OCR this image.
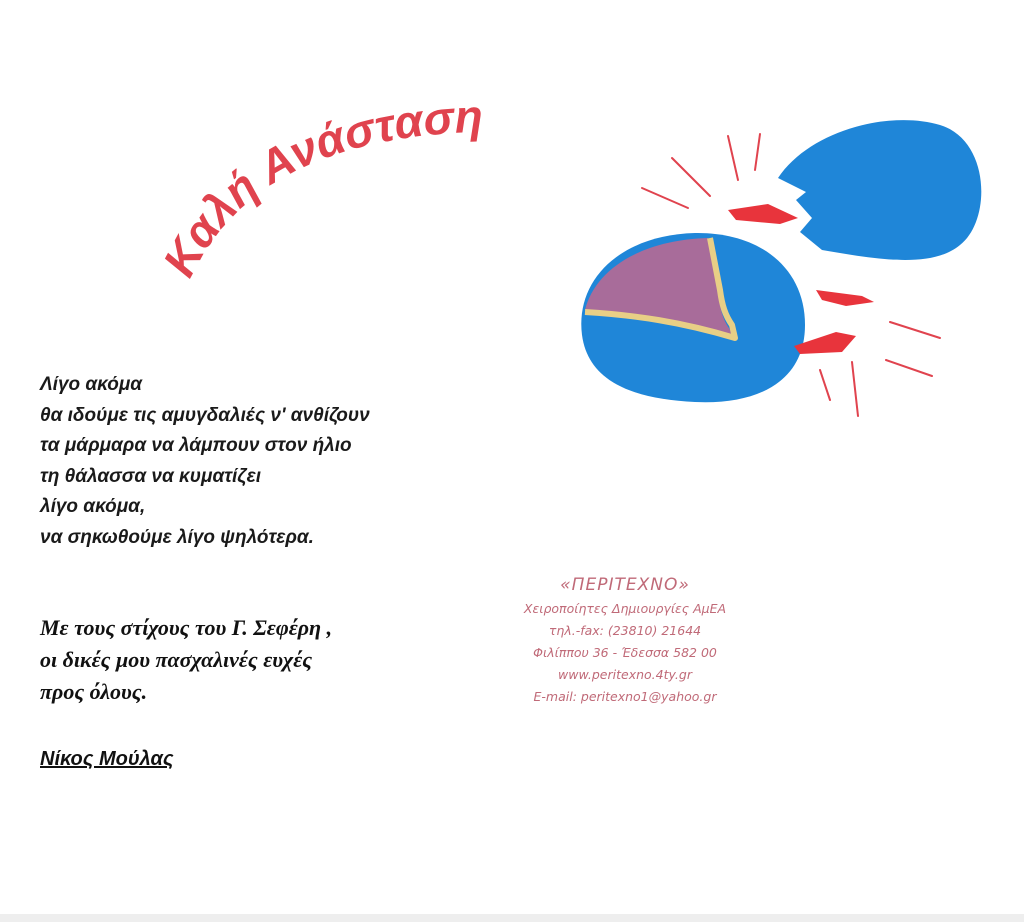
Καλή Ανάσταση
Λίγο ακόμα
θα ιδούμε τις αμυγδαλιές ν' ανθίζουν
τα μάρμαρα να λάμπουν στον ήλιο
τη θάλασσα να κυματίζει
λίγο ακόμα,
να σηκωθούμε λίγο ψηλότερα.
Με τους στίχους του Γ. Σεφέρη ,
οι δικές μου πασχαλινές ευχές
προς όλους.
Νίκος Μούλας
«ΠΕΡΙΤΕΧΝΟ»
Χειροποίητες Δημιουργίες ΑμΕΑ
τηλ.-fax: (23810) 21644
Φιλίππου 36 - Έδεσσα 582 00
www.peritexno.4ty.gr
E-mail: peritexno1@yahoo.gr
